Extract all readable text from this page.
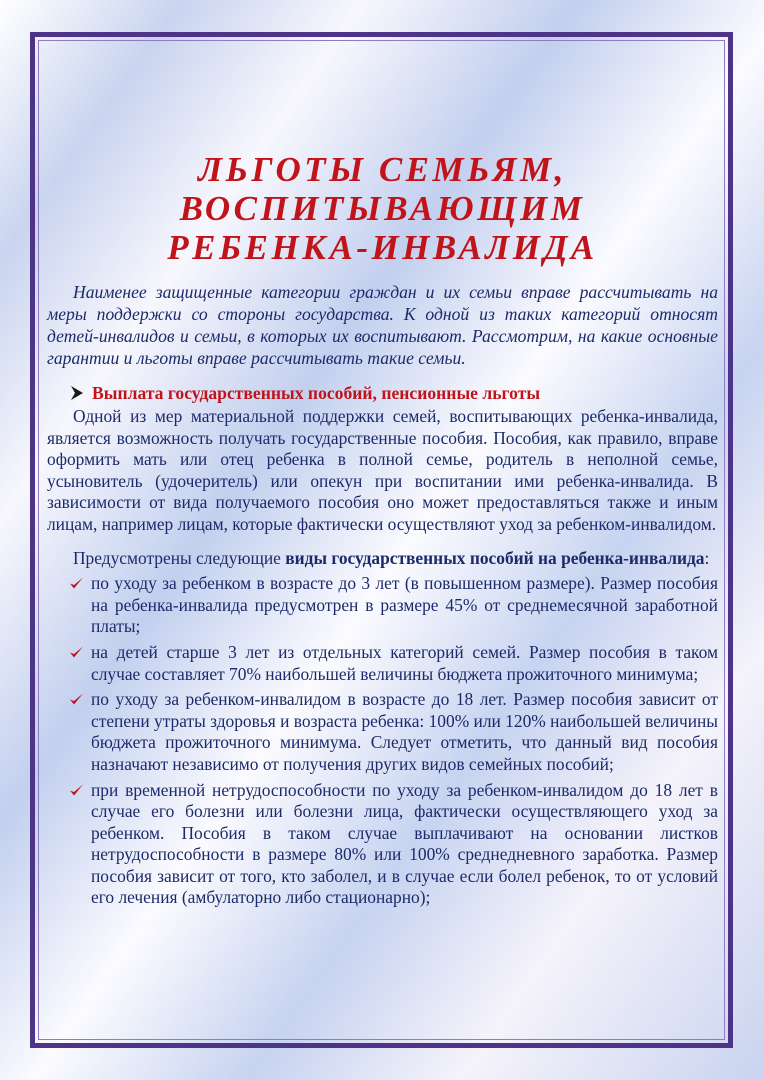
ЛЬГОТЫ СЕМЬЯМ,
ВОСПИТЫВАЮЩИМ
РЕБЕНКА-ИНВАЛИДА

Наименее защищенные категории граждан и их семьи вправе рассчитывать на меры поддержки со стороны государства. К одной из таких категорий относят детей-инвалидов и семьи, в которых их воспитывают. Рассмотрим, на какие основные гарантии и льготы вправе рассчитывать такие семьи.

Выплата государственных пособий, пенсионные льготы

Одной из мер материальной поддержки семей, воспитывающих ребенка-инвалида, является возможность получать государственные пособия. Пособия, как правило, вправе оформить мать или отец ребенка в полной семье, родитель в неполной семье, усыновитель (удочеритель) или опекун при воспитании ими ребенка-инвалида. В зависимости от вида получаемого пособия оно может предоставляться также и иным лицам, например лицам, которые фактически осуществляют уход за ребенком-инвалидом.

Предусмотрены следующие виды государственных пособий на ребенка-инвалида:

по уходу за ребенком в возрасте до 3 лет (в повышенном размере). Размер пособия на ребенка-инвалида предусмотрен в размере 45% от среднемесячной заработной платы;
на детей старше 3 лет из отдельных категорий семей. Размер пособия в таком случае составляет 70% наибольшей величины бюджета прожиточного минимума;
по уходу за ребенком-инвалидом в возрасте до 18 лет. Размер пособия зависит от степени утраты здоровья и возраста ребенка: 100% или 120% наибольшей величины бюджета прожиточного минимума. Следует отметить, что данный вид пособия назначают независимо от получения других видов семейных пособий;
при временной нетрудоспособности по уходу за ребенком-инвалидом до 18 лет в случае его болезни или болезни лица, фактически осуществляющего уход за ребенком. Пособия в таком случае выплачивают на основании листков нетрудоспособности в размере 80% или 100% среднедневного заработка. Размер пособия зависит от того, кто заболел, и в случае если болел ребенок, то от условий его лечения (амбулаторно либо стационарно);
